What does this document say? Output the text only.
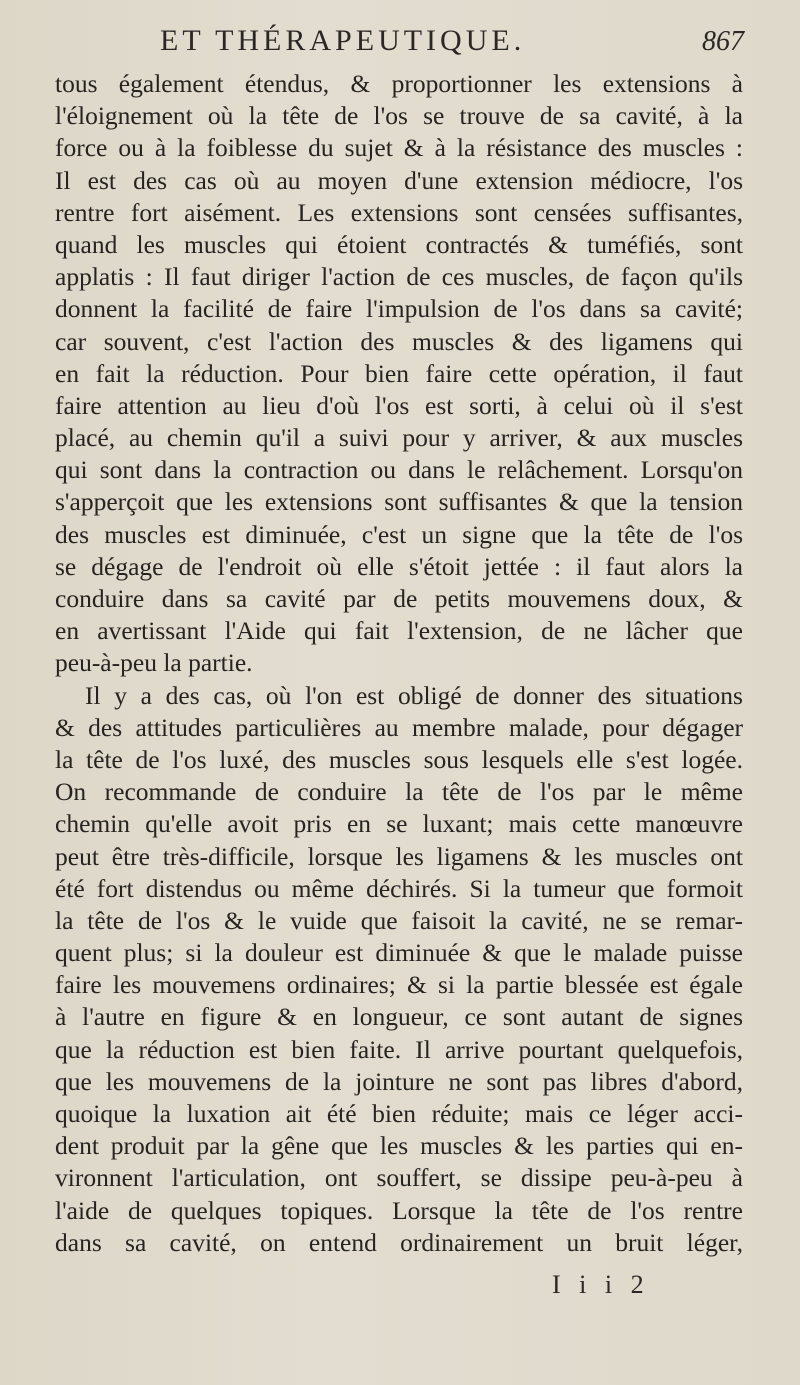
ET THÉRAPEUTIQUE.	867
tous également étendus, & proportionner les extensions à
l'éloignement où la tête de l'os se trouve de sa cavité, à la
force ou à la foiblesse du sujet & à la résistance des muscles :
Il est des cas où au moyen d'une extension médiocre, l'os
rentre fort aisément. Les extensions sont censées suffisantes,
quand les muscles qui étoient contractés & tuméfiés, sont
applatis : Il faut diriger l'action de ces muscles, de façon qu'ils
donnent la facilité de faire l'impulsion de l'os dans sa cavité;
car souvent, c'est l'action des muscles & des ligamens qui
en fait la réduction. Pour bien faire cette opération, il faut
faire attention au lieu d'où l'os est sorti, à celui où il s'est
placé, au chemin qu'il a suivi pour y arriver, & aux muscles
qui sont dans la contraction ou dans le relâchement. Lorsqu'on
s'apperçoit que les extensions sont suffisantes & que la tension
des muscles est diminuée, c'est un signe que la tête de l'os
se dégage de l'endroit où elle s'étoit jettée : il faut alors la
conduire dans sa cavité par de petits mouvemens doux, &
en avertissant l'Aide qui fait l'extension, de ne lâcher que
peu-à-peu la partie.
Il y a des cas, où l'on est obligé de donner des situations
& des attitudes particulières au membre malade, pour dégager
la tête de l'os luxé, des muscles sous lesquels elle s'est logée.
On recommande de conduire la tête de l'os par le même
chemin qu'elle avoit pris en se luxant; mais cette manœuvre
peut être très-difficile, lorsque les ligamens & les muscles ont
été fort distendus ou même déchirés. Si la tumeur que formoit
la tête de l'os & le vuide que faisoit la cavité, ne se remar-
quent plus; si la douleur est diminuée & que le malade puisse
faire les mouvemens ordinaires; & si la partie blessée est égale
à l'autre en figure & en longueur, ce sont autant de signes
que la réduction est bien faite. Il arrive pourtant quelquefois,
que les mouvemens de la jointure ne sont pas libres d'abord,
quoique la luxation ait été bien réduite; mais ce léger acci-
dent produit par la gêne que les muscles & les parties qui en-
vironnent l'articulation, ont souffert, se dissipe peu-à-peu à
l'aide de quelques topiques. Lorsque la tête de l'os rentre
dans sa cavité, on entend ordinairement un bruit léger,
I i i 2
